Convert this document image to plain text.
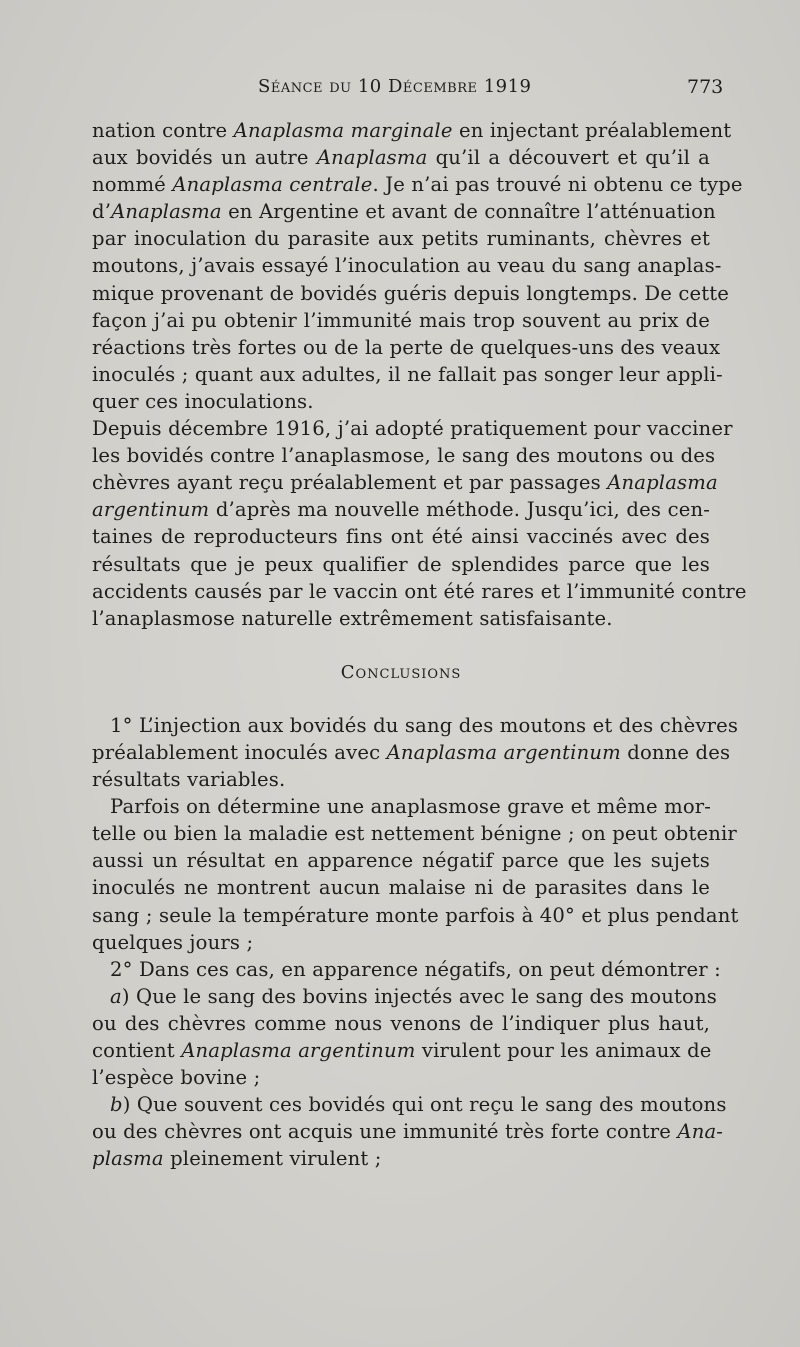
Séance du 10 Décembre 1919	773
nation contre Anaplasma marginale en injectant préalablement
aux bovidés un autre Anaplasma qu’il a découvert et qu’il a
nommé Anaplasma centrale. Je n’ai pas trouvé ni obtenu ce type
d’Anaplasma en Argentine et avant de connaître l’atténuation
par inoculation du parasite aux petits ruminants, chèvres et
moutons, j’avais essayé l’inoculation au veau du sang anaplas-
mique provenant de bovidés guéris depuis longtemps. De cette
façon j’ai pu obtenir l’immunité mais trop souvent au prix de
réactions très fortes ou de la perte de quelques-uns des veaux
inoculés ; quant aux adultes, il ne fallait pas songer leur appli-
quer ces inoculations.
Depuis décembre 1916, j’ai adopté pratiquement pour vacciner
les bovidés contre l’anaplasmose, le sang des moutons ou des
chèvres ayant reçu préalablement et par passages Anaplasma
argentinum d’après ma nouvelle méthode. Jusqu’ici, des cen-
taines de reproducteurs fins ont été ainsi vaccinés avec des
résultats que je peux qualifier de splendides parce que les
accidents causés par le vaccin ont été rares et l’immunité contre
l’anaplasmose naturelle extrêmement satisfaisante.
Conclusions
1° L’injection aux bovidés du sang des moutons et des chèvres
préalablement inoculés avec Anaplasma argentinum donne des
résultats variables.
Parfois on détermine une anaplasmose grave et même mor-
telle ou bien la maladie est nettement bénigne ; on peut obtenir
aussi un résultat en apparence négatif parce que les sujets
inoculés ne montrent aucun malaise ni de parasites dans le
sang ; seule la température monte parfois à 40° et plus pendant
quelques jours ;
2° Dans ces cas, en apparence négatifs, on peut démontrer :
a) Que le sang des bovins injectés avec le sang des moutons
ou des chèvres comme nous venons de l’indiquer plus haut,
contient Anaplasma argentinum virulent pour les animaux de
l’espèce bovine ;
b) Que souvent ces bovidés qui ont reçu le sang des moutons
ou des chèvres ont acquis une immunité très forte contre Ana-
plasma pleinement virulent ;
